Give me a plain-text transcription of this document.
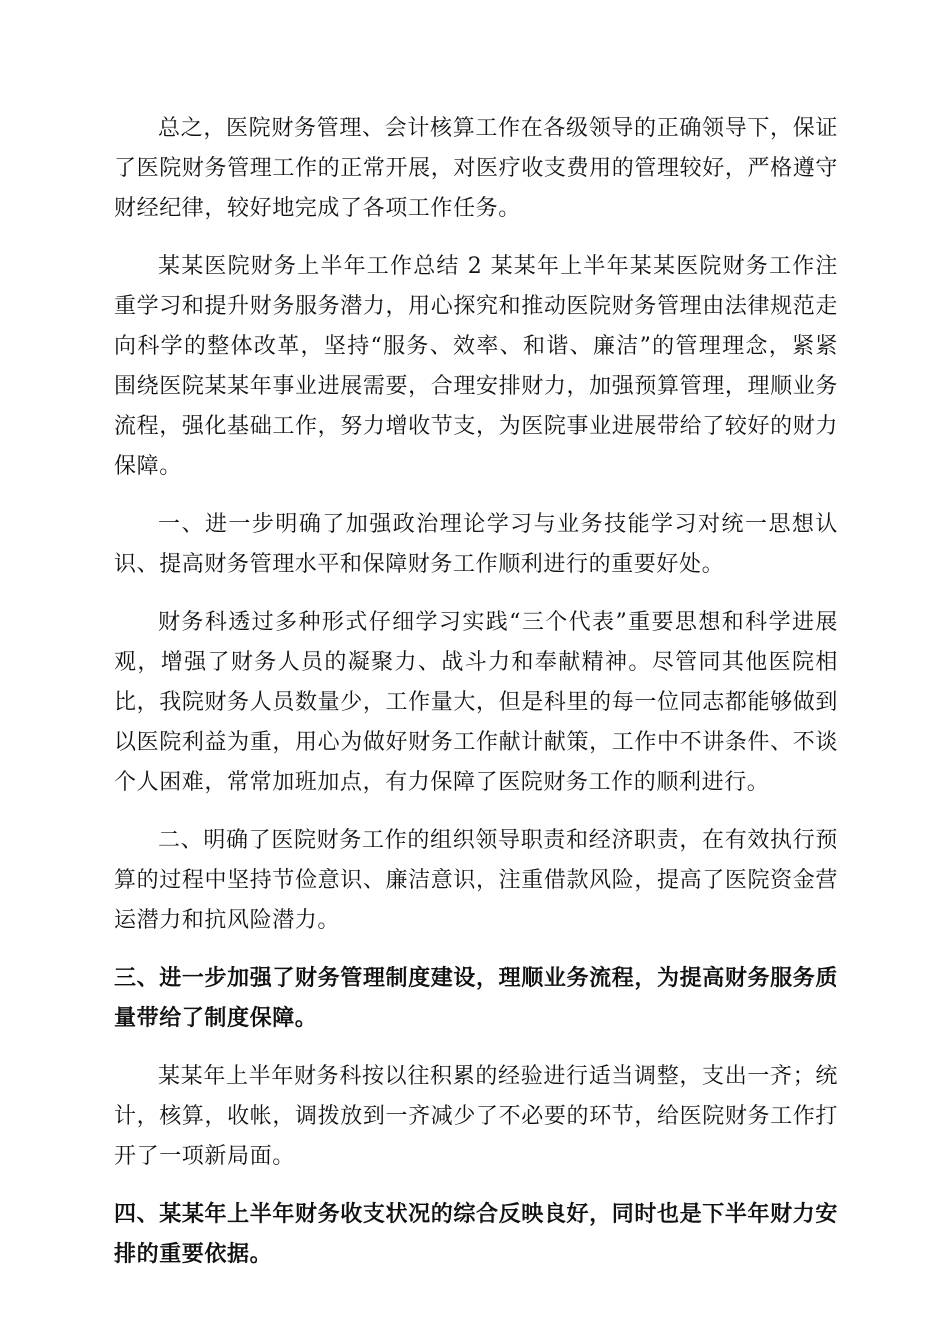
总之，医院财务管理、会计核算工作在各级领导的正确领导下，保证了医院财务管理工作的正常开展，对医疗收支费用的管理较好，严格遵守财经纪律，较好地完成了各项工作任务。

某某医院财务上半年工作总结 2 某某年上半年某某医院财务工作注重学习和提升财务服务潜力，用心探究和推动医院财务管理由法律规范走向科学的整体改革，坚持“服务、效率、和谐、廉洁”的管理理念，紧紧围绕医院某某年事业进展需要，合理安排财力，加强预算管理，理顺业务流程，强化基础工作，努力增收节支，为医院事业进展带给了较好的财力保障。

一、进一步明确了加强政治理论学习与业务技能学习对统一思想认识、提高财务管理水平和保障财务工作顺利进行的重要好处。

财务科透过多种形式仔细学习实践“三个代表”重要思想和科学进展观，增强了财务人员的凝聚力、战斗力和奉献精神。尽管同其他医院相比，我院财务人员数量少，工作量大，但是科里的每一位同志都能够做到以医院利益为重，用心为做好财务工作献计献策，工作中不讲条件、不谈个人困难，常常加班加点，有力保障了医院财务工作的顺利进行。

二、明确了医院财务工作的组织领导职责和经济职责，在有效执行预算的过程中坚持节俭意识、廉洁意识，注重借款风险，提高了医院资金营运潜力和抗风险潜力。

三、进一步加强了财务管理制度建设，理顺业务流程，为提高财务服务质量带给了制度保障。

某某年上半年财务科按以往积累的经验进行适当调整，支出一齐；统计，核算，收帐，调拨放到一齐减少了不必要的环节，给医院财务工作打开了一项新局面。

四、某某年上半年财务收支状况的综合反映良好，同时也是下半年财力安排的重要依据。
